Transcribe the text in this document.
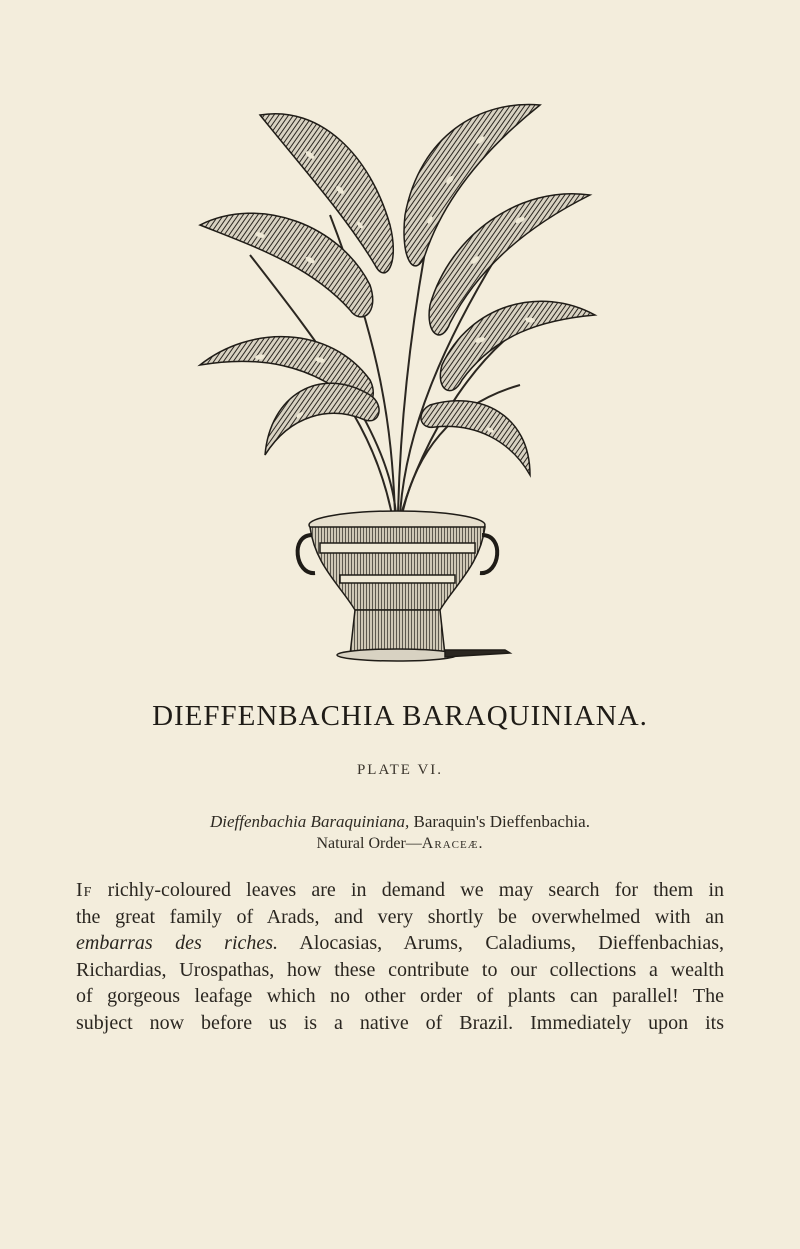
DIEFFENBACHIA BARAQUINIANA.
PLATE VI.
Dieffenbachia Baraquiniana, Baraquin's Dieffenbachia.
Natural Order—Araceæ.
If richly-coloured leaves are in demand we may search for them in
the great family of Arads, and very shortly be overwhelmed with an
embarras des riches. Alocasias, Arums, Caladiums, Dieffenbachias,
Richardias, Urospathas, how these contribute to our collections a wealth
of gorgeous leafage which no other order of plants can parallel! The
subject now before us is a native of Brazil. Immediately upon its
